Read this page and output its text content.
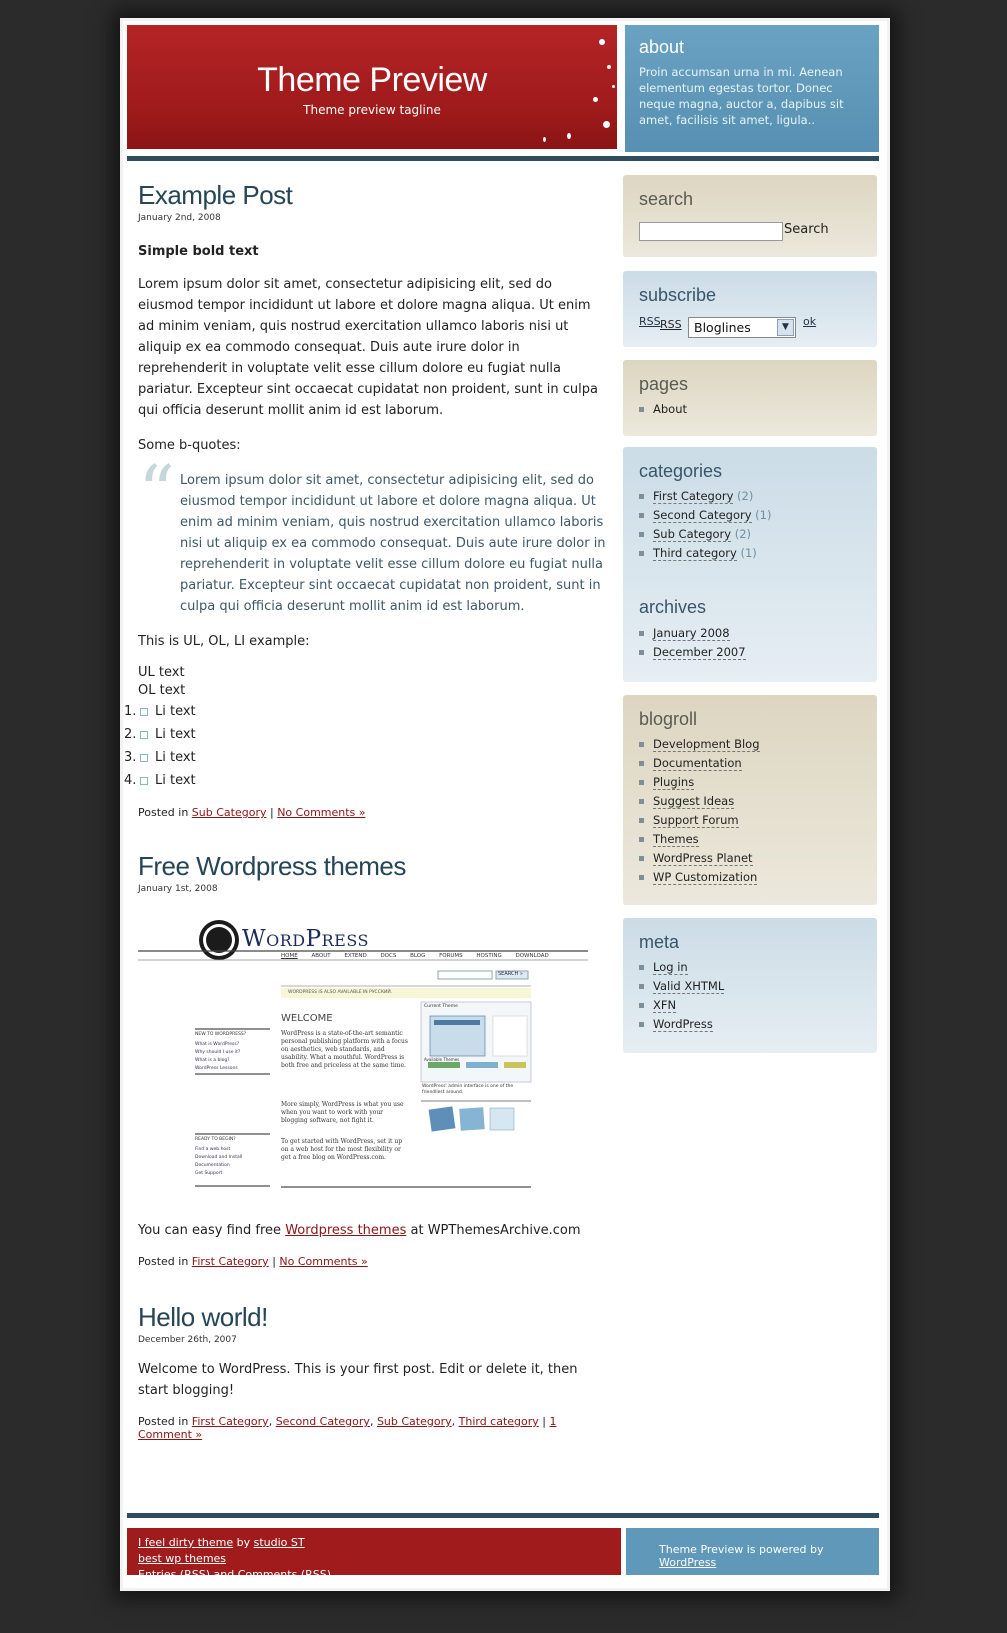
Theme Preview
Theme preview tagline
about

Proin accumsan urna in mi. Aenean elementum egestas tortor. Donec neque magna, auctor a, dapibus sit amet, facilisis sit amet, ligula..

Example Post
January 2nd, 2008

Simple bold text

Lorem ipsum dolor sit amet, consectetur adipisicing elit, sed do eiusmod tempor incididunt ut labore et dolore magna aliqua. Ut enim ad minim veniam, quis nostrud exercitation ullamco laboris nisi ut aliquip ex ea commodo consequat. Duis aute irure dolor in reprehenderit in voluptate velit esse cillum dolore eu fugiat nulla pariatur. Excepteur sint occaecat cupidatat non proident, sunt in culpa qui officia deserunt mollit anim id est laborum.

Some b-quotes:

“ Lorem ipsum dolor sit amet, consectetur adipisicing elit, sed do eiusmod tempor incididunt ut labore et dolore magna aliqua. Ut enim ad minim veniam, quis nostrud exercitation ullamco laboris nisi ut aliquip ex ea commodo consequat. Duis aute irure dolor in reprehenderit in voluptate velit esse cillum dolore eu fugiat nulla pariatur. Excepteur sint occaecat cupidatat non proident, sunt in culpa qui officia deserunt mollit anim id est laborum.

This is UL, OL, LI example:

UL text

OL text

1. Li text
2. Li text
3. Li text
4. Li text
Posted in Sub Category | No Comments »
Free Wordpress themes
January 1st, 2008
WordPress
HOME	ABOUT	EXTEND	DOCS	BLOG	FORUMS	HOSTING	DOWNLOAD
SEARCH »
WORDPRESS IS ALSO AVAILABLE IN РУССКИЙ.
WELCOME
WordPress is a state-of-the-art semantic personal publishing platform with a focus on aesthetics, web standards, and usability. What a mouthful. WordPress is both free and priceless at the same time.
More simply, WordPress is what you use when you want to work with your blogging software, not fight it.
To get started with WordPress, set it up on a web host for the most flexibility or get a free blog on WordPress.com.
NEW TO WORDPRESS?
What is WordPress?
Why should I use it?
What is a blog?
WordPress Lessons
READY TO BEGIN?
Find a web host
Download and Install
Documentation
Get Support
Current Theme
Available Themes
WordPress' admin interface is one of the friendliest around.

You can easy find free Wordpress themes at WPThemesArchive.com

Posted in First Category | No Comments »
Hello world!
December 26th, 2007

Welcome to WordPress. This is your first post. Edit or delete it, then start blogging!

Posted in First Category, Second Category, Sub Category, Third category | 1 Comment »
search
Search
subscribe
RSS RSS Bloglines	▼	ok
pages
About
categories
First Category (2)
Second Category (1)
Sub Category (2)
Third category (1)
archives
January 2008
December 2007
blogroll
Development Blog
Documentation
Plugins
Suggest Ideas
Support Forum
Themes
WordPress Planet
WP Customization
meta
Log in
Valid XHTML
XFN
WordPress
I feel dirty theme by studio ST
best wp themes
Entries (RSS) and Comments (RSS).
Theme Preview is powered by WordPress
